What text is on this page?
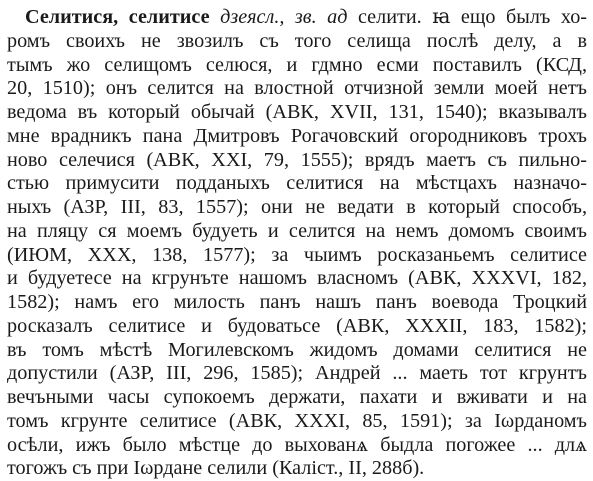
Селитися, селитисе дзеясл., зв. ад селити. ꙗ ещо былъ хо-
ромъ своихъ не звозилъ съ того селища послѣ делу, а в
тымъ жо селищомъ селюся, и гдмно есми поставилъ (КСД,
20, 1510); онъ селится на влостной отчизной земли моей нетъ
ведома въ который обычай (АВК, XVII, 131, 1540); вказывалъ
мне врадникъ пана Дмитровъ Рогачовский огородниковъ трохъ
ново селечися (АВК, XXI, 79, 1555); врядъ маетъ съ пильно-
стью примусити подданыхъ селитися на мѣстцахъ назначо-
ныхъ (АЗР, III, 83, 1557); они не ведати в который способъ,
на пляцу ся моемъ будуеть и селится на немъ домомъ своимъ
(ИЮМ, XXX, 138, 1577); за чыимъ росказаньемъ селитисе
и будуетесе на кгрунъте нашомъ власномъ (АВК, XXXVI, 182,
1582); намъ его милость панъ нашъ панъ воевода Троцкий
росказалъ селитисе и будоватьсе (АВК, XXXII, 183, 1582);
въ томъ мѣстѣ Могилевскомъ жидомъ домами селитися не
допустили (АЗР, III, 296, 1585); Андрей ... маеть тот кгрунтъ
вечъными часы супокоемъ держати, пахати и вживати и на
томъ кгрунте селитисе (АВК, XXXI, 85, 1591); за Іωрданомъ
осѣли, ижъ было мѣстце до выхованѧ быдла погожее ... длѧ
тогожъ съ при Іωрдане селили (Калiст., II, 288б).
